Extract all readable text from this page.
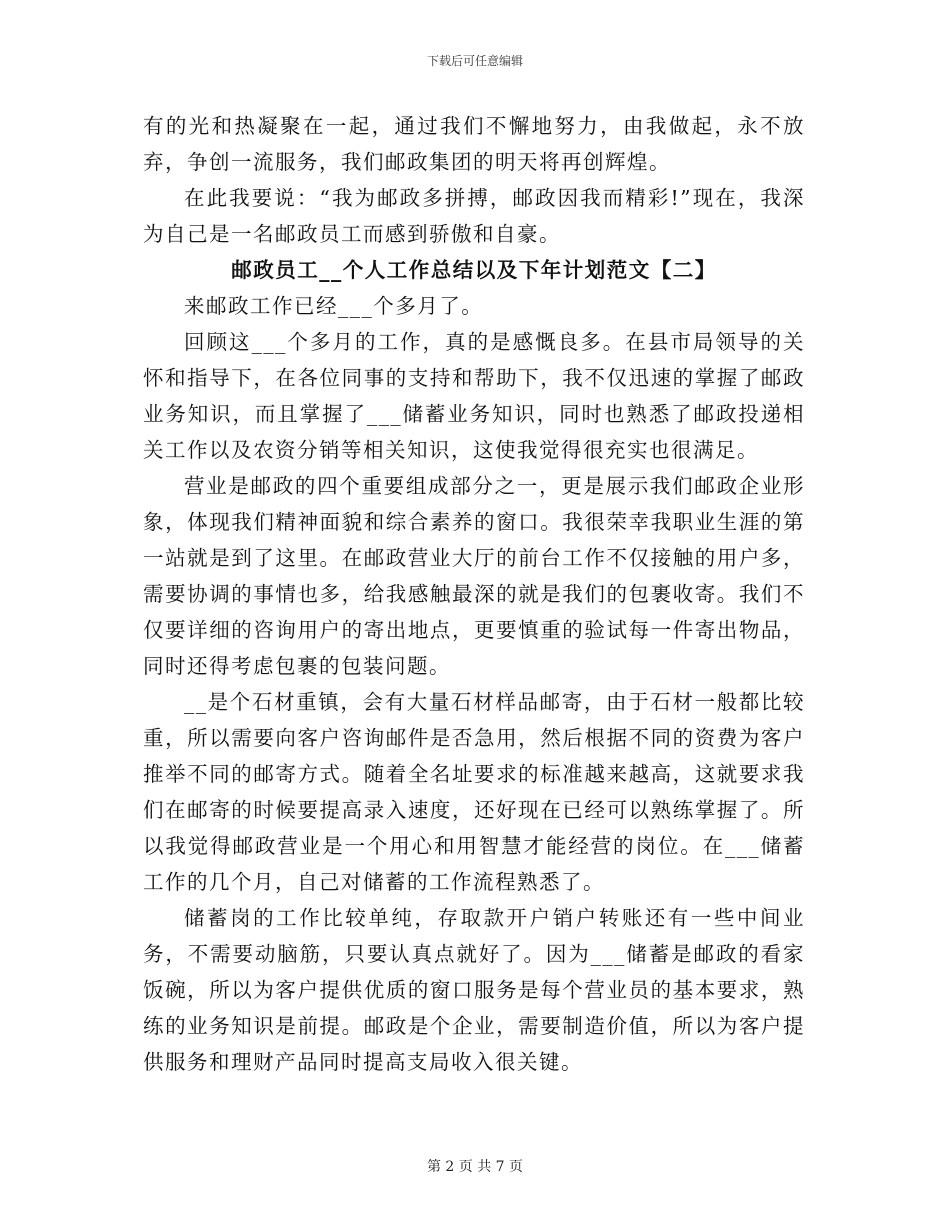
下载后可任意编辑

有的光和热凝聚在一起，通过我们不懈地努力，由我做起，永不放弃，争创一流服务，我们邮政集团的明天将再创辉煌。

在此我要说：“我为邮政多拼搏，邮政因我而精彩!”现在，我深为自己是一名邮政员工而感到骄傲和自豪。

邮政员工__个人工作总结以及下年计划范文【二】

来邮政工作已经___个多月了。

回顾这___个多月的工作，真的是感慨良多。在县市局领导的关怀和指导下，在各位同事的支持和帮助下，我不仅迅速的掌握了邮政业务知识，而且掌握了___储蓄业务知识，同时也熟悉了邮政投递相关工作以及农资分销等相关知识，这使我觉得很充实也很满足。

营业是邮政的四个重要组成部分之一，更是展示我们邮政企业形象，体现我们精神面貌和综合素养的窗口。我很荣幸我职业生涯的第一站就是到了这里。在邮政营业大厅的前台工作不仅接触的用户多，需要协调的事情也多，给我感触最深的就是我们的包裹收寄。我们不仅要详细的咨询用户的寄出地点，更要慎重的验试每一件寄出物品，同时还得考虑包裹的包装问题。

__是个石材重镇，会有大量石材样品邮寄，由于石材一般都比较重，所以需要向客户咨询邮件是否急用，然后根据不同的资费为客户推举不同的邮寄方式。随着全名址要求的标准越来越高，这就要求我们在邮寄的时候要提高录入速度，还好现在已经可以熟练掌握了。所以我觉得邮政营业是一个用心和用智慧才能经营的岗位。在___储蓄工作的几个月，自己对储蓄的工作流程熟悉了。

储蓄岗的工作比较单纯，存取款开户销户转账还有一些中间业务，不需要动脑筋，只要认真点就好了。因为___储蓄是邮政的看家饭碗，所以为客户提供优质的窗口服务是每个营业员的基本要求，熟练的业务知识是前提。邮政是个企业，需要制造价值，所以为客户提供服务和理财产品同时提高支局收入很关键。

第 2 页 共 7 页
